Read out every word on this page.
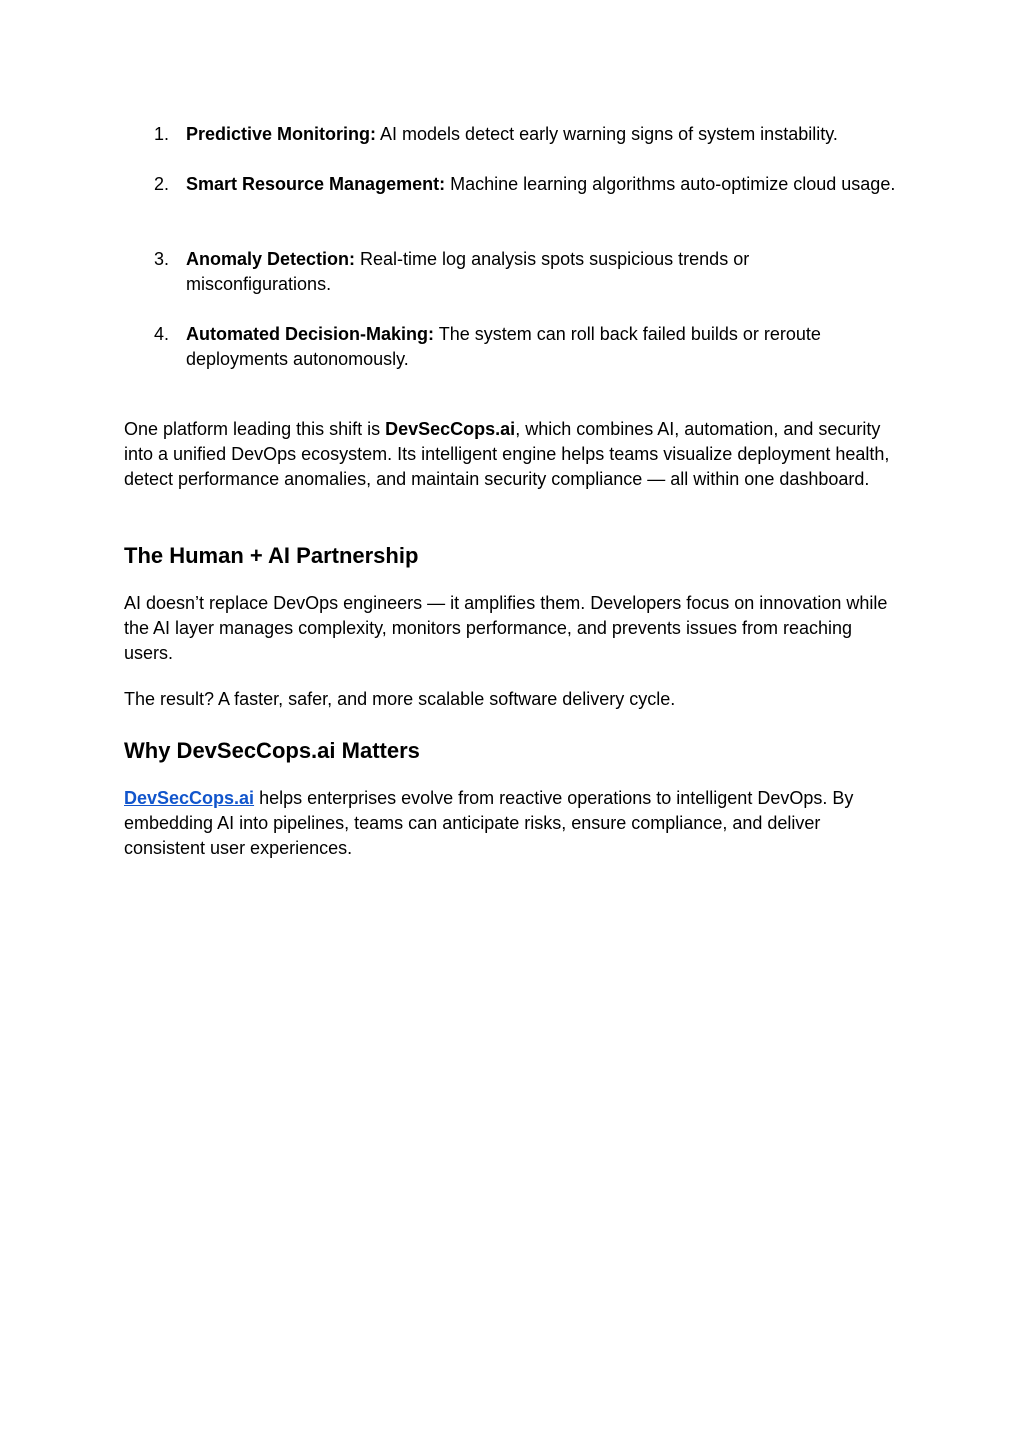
1. Predictive Monitoring: AI models detect early warning signs of system instability.
2. Smart Resource Management: Machine learning algorithms auto-optimize cloud usage.
3. Anomaly Detection: Real-time log analysis spots suspicious trends or misconfigurations.
4. Automated Decision-Making: The system can roll back failed builds or reroute deployments autonomously.

One platform leading this shift is DevSecCops.ai, which combines AI, automation, and security into a unified DevOps ecosystem. Its intelligent engine helps teams visualize deployment health, detect performance anomalies, and maintain security compliance — all within one dashboard.

The Human + AI Partnership

AI doesn’t replace DevOps engineers — it amplifies them. Developers focus on innovation while the AI layer manages complexity, monitors performance, and prevents issues from reaching users.

The result? A faster, safer, and more scalable software delivery cycle.

Why DevSecCops.ai Matters

DevSecCops.ai helps enterprises evolve from reactive operations to intelligent DevOps. By embedding AI into pipelines, teams can anticipate risks, ensure compliance, and deliver consistent user experiences.
